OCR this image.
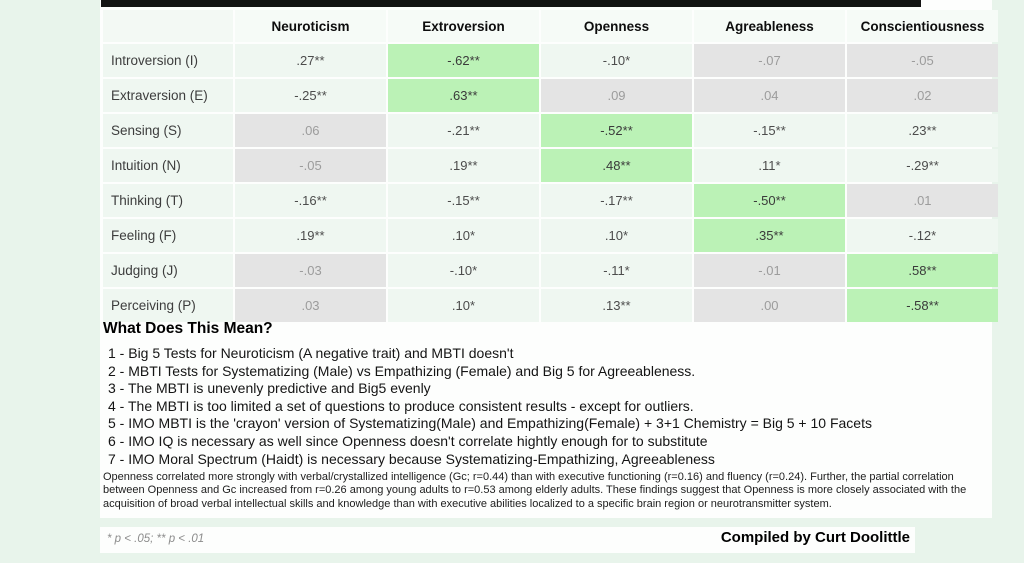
	Neuroticism	Extroversion	Openness	Agreableness	Conscientiousness
Introversion (I)	.27**	-.62**	-.10*	-.07	-.05
Extraversion (E)	-.25**	.63**	.09	.04	.02
Sensing (S)	.06	-.21**	-.52**	-.15**	.23**
Intuition (N)	-.05	.19**	.48**	.11*	-.29**
Thinking (T)	-.16**	-.15**	-.17**	-.50**	.01
Feeling (F)	.19**	.10*	.10*	.35**	-.12*
Judging (J)	-.03	-.10*	-.11*	-.01	.58**
Perceiving (P)	.03	.10*	.13**	.00	-.58**
What Does This Mean?
1 - Big 5 Tests for Neuroticism (A negative trait) and MBTI doesn't
2 - MBTI Tests for Systematizing (Male) vs Empathizing (Female) and Big 5 for Agreeableness.
3 - The MBTI is unevenly predictive and Big5 evenly
4 - The MBTI is too limited a set of questions to produce consistent results - except for outliers.
5 - IMO MBTI is the 'crayon' version of Systematizing(Male) and Empathizing(Female) + 3+1 Chemistry = Big 5 + 10 Facets
6 - IMO IQ is necessary as well since Openness doesn't correlate hightly enough for to substitute
7 - IMO Moral Spectrum (Haidt) is necessary because Systematizing-Empathizing, Agreeableness
Openness correlated more strongly with verbal/crystallized intelligence (Gc; r=0.44) than with executive functioning (r=0.16) and fluency (r=0.24). Further, the partial correlation between Openness and Gc increased from r=0.26 among young adults to r=0.53 among elderly adults. These findings suggest that Openness is more closely associated with the acquisition of broad verbal intellectual skills and knowledge than with executive abilities localized to a specific brain region or neurotransmitter system.
* p < .05; ** p < .01	Compiled by Curt Doolittle
